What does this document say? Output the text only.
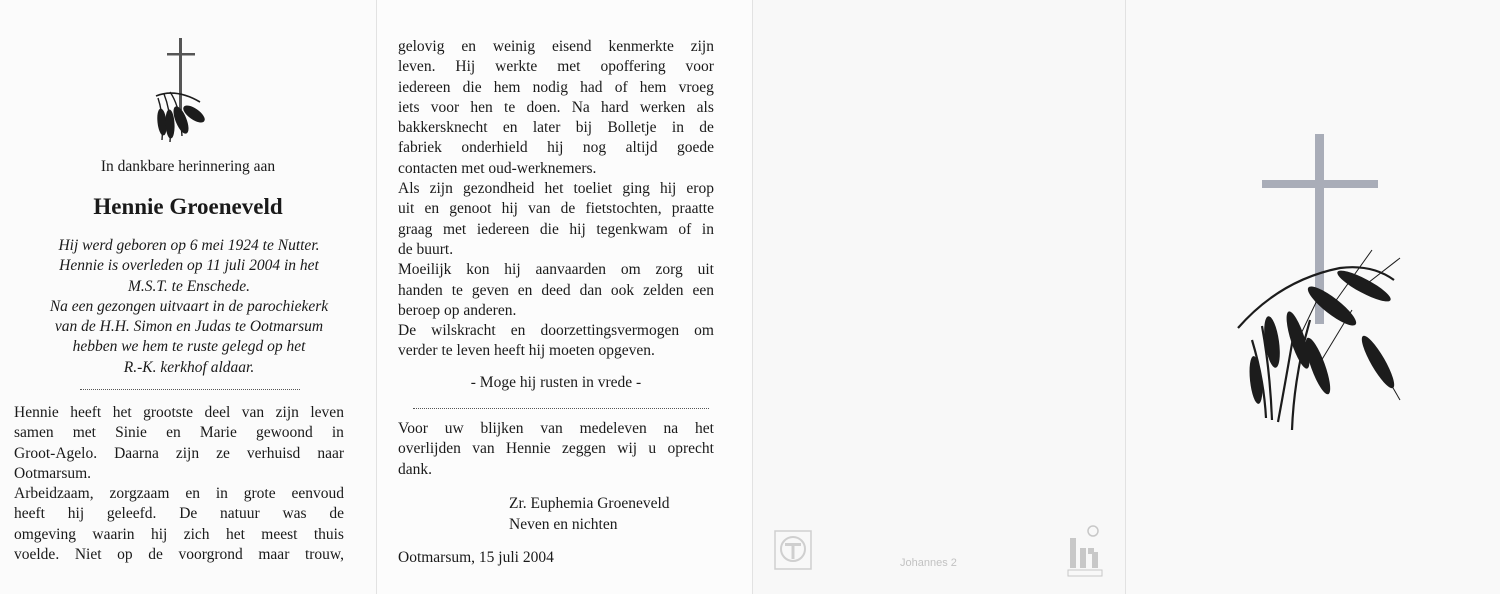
In dankbare herinnering aan
Hennie Groeneveld
Hij werd geboren op 6 mei 1924 te Nutter.
Hennie is overleden op 11 juli 2004 in het
M.S.T. te Enschede.
Na een gezongen uitvaart in de parochiekerk
van de H.H. Simon en Judas te Ootmarsum
hebben we hem te ruste gelegd op het
R.-K. kerkhof aldaar.
Hennie heeft het grootste deel van zijn leven
samen met Sinie en Marie gewoond in
Groot-Agelo. Daarna zijn ze verhuisd naar
Ootmarsum.
Arbeidzaam, zorgzaam en in grote eenvoud
heeft hij geleefd. De natuur was de
omgeving waarin hij zich het meest thuis
voelde. Niet op de voorgrond maar trouw,
gelovig en weinig eisend kenmerkte zijn
leven. Hij werkte met opoffering voor
iedereen die hem nodig had of hem vroeg
iets voor hen te doen. Na hard werken als
bakkersknecht en later bij Bolletje in de
fabriek onderhield hij nog altijd goede
contacten met oud-werknemers.
Als zijn gezondheid het toeliet ging hij erop
uit en genoot hij van de fietstochten, praatte
graag met iedereen die hij tegenkwam of in
de buurt.
Moeilijk kon hij aanvaarden om zorg uit
handen te geven en deed dan ook zelden een
beroep op anderen.
De wilskracht en doorzettingsvermogen om
verder te leven heeft hij moeten opgeven.
- Moge hij rusten in vrede -
Voor uw blijken van medeleven na het
overlijden van Hennie zeggen wij u oprecht
dank.
Zr. Euphemia Groeneveld
Neven en nichten
Ootmarsum, 15 juli 2004	Johannes 2
